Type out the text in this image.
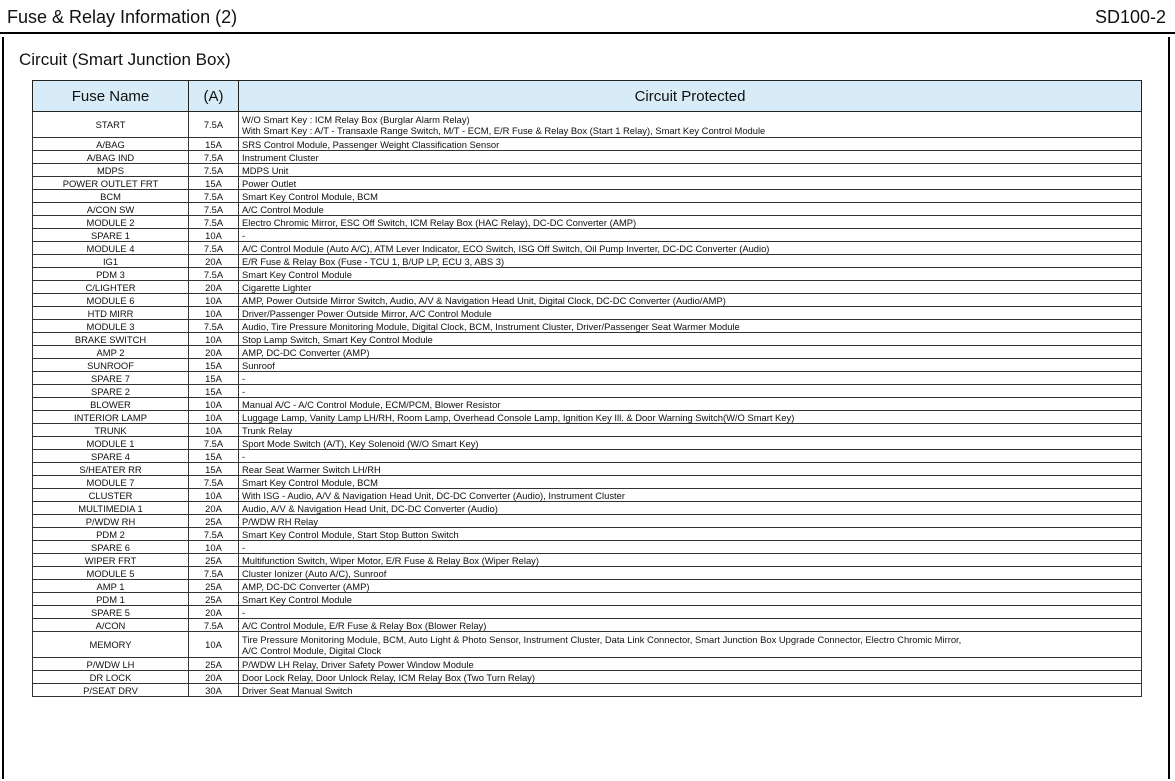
Fuse & Relay Information (2)	SD100-2
Circuit (Smart Junction Box)
Fuse Name	(A)	Circuit Protected
START	7.5A	W/O Smart Key : ICM Relay Box (Burglar Alarm Relay)
With Smart Key : A/T - Transaxle Range Switch, M/T - ECM, E/R Fuse & Relay Box (Start 1 Relay), Smart Key Control Module

A/BAG	15A	SRS Control Module, Passenger Weight Classification Sensor

A/BAG IND	7.5A	Instrument Cluster

MDPS	7.5A	MDPS Unit

POWER OUTLET FRT	15A	Power Outlet

BCM	7.5A	Smart Key Control Module, BCM

A/CON SW	7.5A	A/C Control Module

MODULE 2	7.5A	Electro Chromic Mirror, ESC Off Switch, ICM Relay Box (HAC Relay), DC-DC Converter (AMP)

SPARE 1	10A	-

MODULE 4	7.5A	A/C Control Module (Auto A/C), ATM Lever Indicator, ECO Switch, ISG Off Switch, Oil Pump Inverter, DC-DC Converter (Audio)

IG1	20A	E/R Fuse & Relay Box (Fuse - TCU 1, B/UP LP, ECU 3, ABS 3)

PDM 3	7.5A	Smart Key Control Module

C/LIGHTER	20A	Cigarette Lighter

MODULE 6	10A	AMP, Power Outside Mirror Switch, Audio, A/V & Navigation Head Unit, Digital Clock, DC-DC Converter (Audio/AMP)

HTD MIRR	10A	Driver/Passenger Power Outside Mirror, A/C Control Module

MODULE 3	7.5A	Audio, Tire Pressure Monitoring Module, Digital Clock, BCM, Instrument Cluster, Driver/Passenger Seat Warmer Module

BRAKE SWITCH	10A	Stop Lamp Switch, Smart Key Control Module

AMP 2	20A	AMP, DC-DC Converter (AMP)

SUNROOF	15A	Sunroof

SPARE 7	15A	-

SPARE 2	15A	-

BLOWER	10A	Manual A/C - A/C Control Module, ECM/PCM, Blower Resistor

INTERIOR LAMP	10A	Luggage Lamp, Vanity Lamp LH/RH, Room Lamp, Overhead Console Lamp, Ignition Key Ill. & Door Warning Switch(W/O Smart Key)

TRUNK	10A	Trunk Relay

MODULE 1	7.5A	Sport Mode Switch (A/T), Key Solenoid (W/O Smart Key)

SPARE 4	15A	-

S/HEATER RR	15A	Rear Seat Warmer Switch LH/RH

MODULE 7	7.5A	Smart Key Control Module, BCM

CLUSTER	10A	With ISG - Audio, A/V & Navigation Head Unit, DC-DC Converter (Audio), Instrument Cluster

MULTIMEDIA 1	20A	Audio, A/V & Navigation Head Unit, DC-DC Converter (Audio)

P/WDW RH	25A	P/WDW RH Relay

PDM 2	7.5A	Smart Key Control Module, Start Stop Button Switch

SPARE 6	10A	-

WIPER FRT	25A	Multifunction Switch, Wiper Motor, E/R Fuse & Relay Box (Wiper Relay)

MODULE 5	7.5A	Cluster Ionizer (Auto A/C), Sunroof

AMP 1	25A	AMP, DC-DC Converter (AMP)

PDM 1	25A	Smart Key Control Module

SPARE 5	20A	-

A/CON	7.5A	A/C Control Module, E/R Fuse & Relay Box (Blower Relay)

MEMORY	10A	Tire Pressure Monitoring Module, BCM, Auto Light & Photo Sensor, Instrument Cluster, Data Link Connector, Smart Junction Box Upgrade Connector, Electro Chromic Mirror,
A/C Control Module, Digital Clock

P/WDW LH	25A	P/WDW LH Relay, Driver Safety Power Window Module

DR LOCK	20A	Door Lock Relay, Door Unlock Relay, ICM Relay Box (Two Turn Relay)

P/SEAT DRV	30A	Driver Seat Manual Switch
